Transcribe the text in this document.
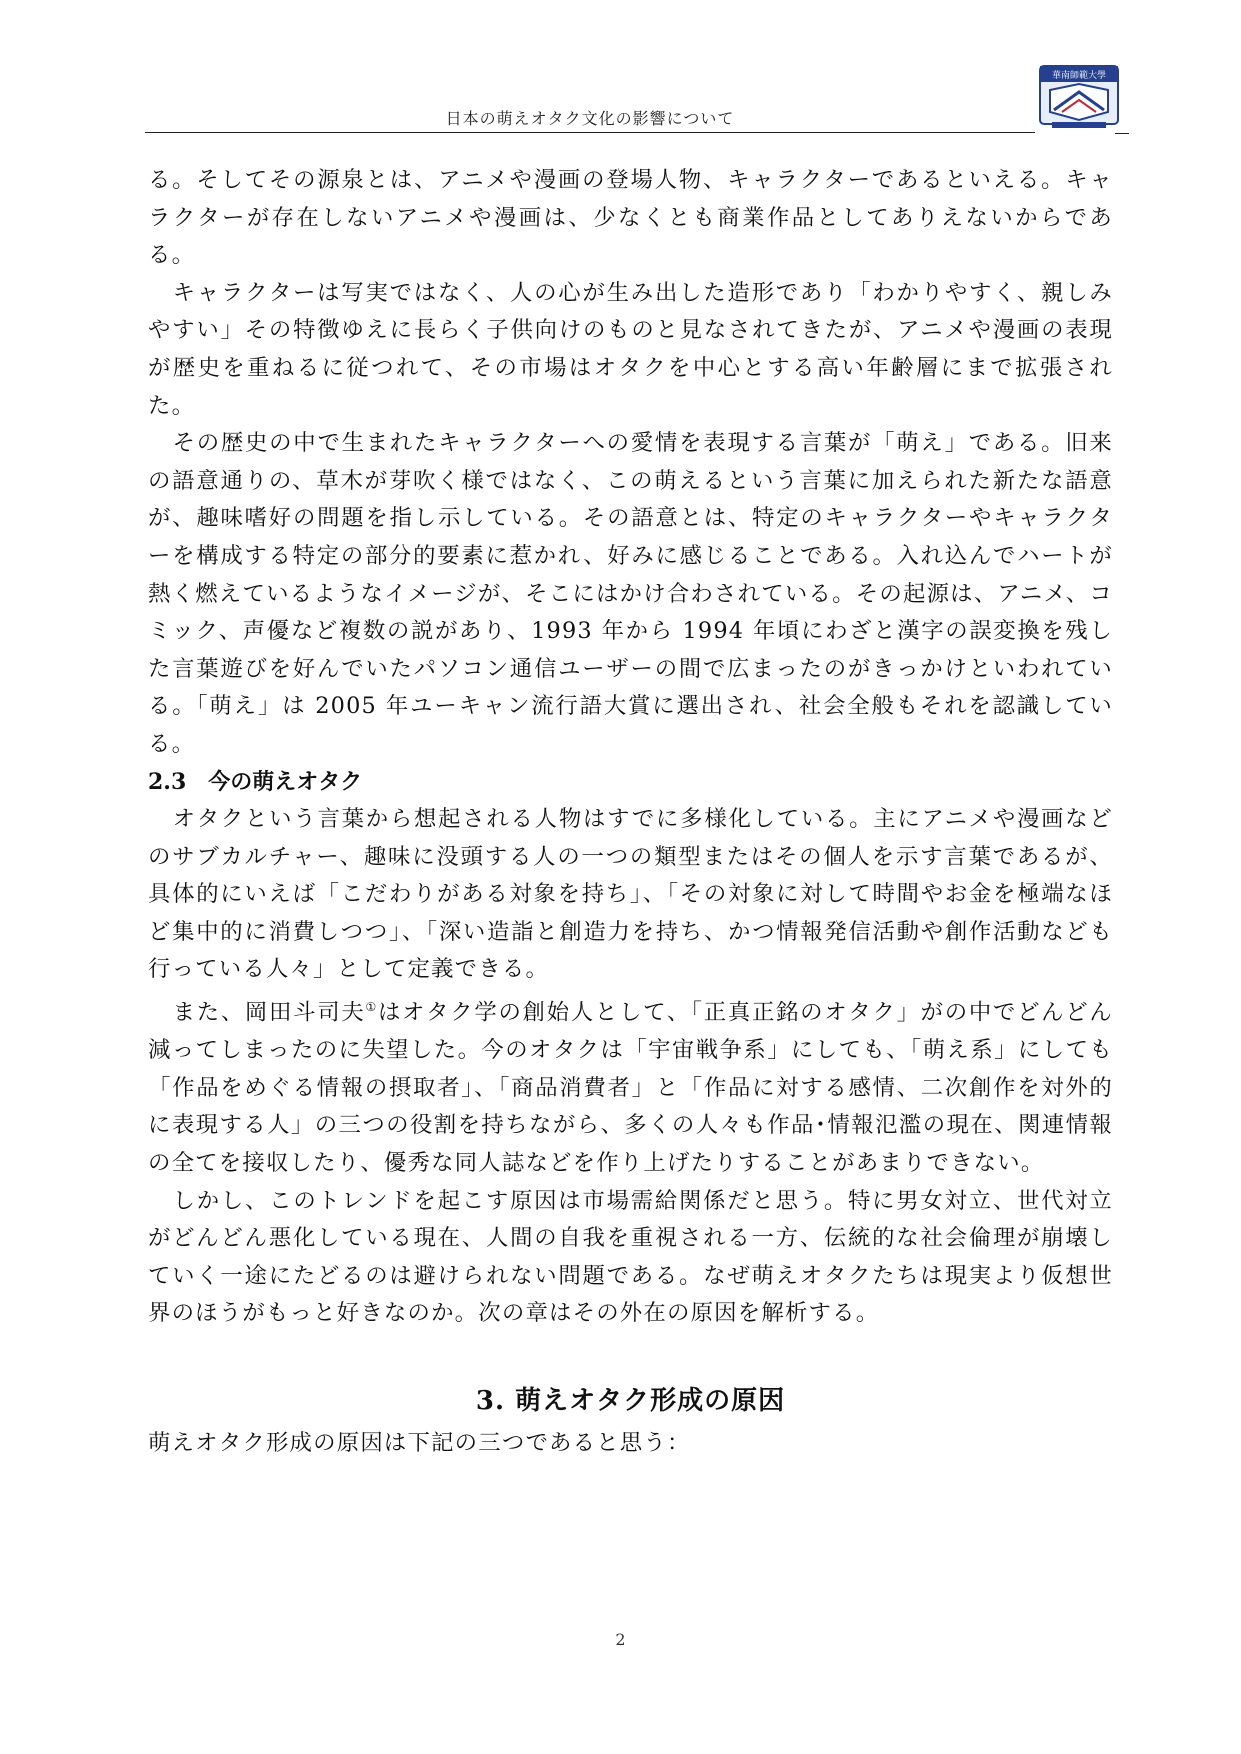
日本の萌えオタク文化の影響について
華南師範大學

る。そしてその源泉とは、アニメや漫画の登場人物、キャラクターであるといえる。キャラクターが存在しないアニメや漫画は、少なくとも商業作品としてありえないからである。

キャラクターは写実ではなく、人の心が生み出した造形であり「わかりやすく、親しみやすい」その特徴ゆえに長らく子供向けのものと見なされてきたが、アニメや漫画の表現が歴史を重ねるに従つれて、その市場はオタクを中心とする高い年齢層にまで拡張された。

その歴史の中で生まれたキャラクターへの愛情を表現する言葉が「萌え」である。旧来の語意通りの、草木が芽吹く様ではなく、この萌えるという言葉に加えられた新たな語意が、趣味嗜好の問題を指し示している。その語意とは、特定のキャラクターやキャラクターを構成する特定の部分的要素に惹かれ、好みに感じることである。入れ込んでハートが熱く燃えているようなイメージが、そこにはかけ合わされている。その起源は、アニメ、コミック、声優など複数の説があり、1993 年から 1994 年頃にわざと漢字の誤変換を残した言葉遊びを好んでいたパソコン通信ユーザーの間で広まったのがきっかけといわれている。「萌え」は 2005 年ユーキャン流行語大賞に選出され、社会全般もそれを認識している。

2.3　今の萌えオタク

オタクという言葉から想起される人物はすでに多様化している。主にアニメや漫画などのサブカルチャー、趣味に没頭する人の一つの類型またはその個人を示す言葉であるが、具体的にいえば「こだわりがある対象を持ち」、「その対象に対して時間やお金を極端なほど集中的に消費しつつ」、「深い造詣と創造力を持ち、かつ情報発信活動や創作活動なども行っている人々」として定義できる。

また、岡田斗司夫①はオタク学の創始人として、「正真正銘のオタク」がの中でどんどん減ってしまったのに失望した。今のオタクは「宇宙戦争系」にしても、「萌え系」にしても「作品をめぐる情報の摂取者」、「商品消費者」と「作品に対する感情、二次創作を対外的に表現する人」の三つの役割を持ちながら、多くの人々も作品･情報氾濫の現在、関連情報の全てを接収したり、優秀な同人誌などを作り上げたりすることがあまりできない。

しかし、このトレンドを起こす原因は市場需給関係だと思う。特に男女対立、世代対立がどんどん悪化している現在、人間の自我を重視される一方、伝統的な社会倫理が崩壊していく一途にたどるのは避けられない問題である。なぜ萌えオタクたちは現実より仮想世界のほうがもっと好きなのか。次の章はその外在の原因を解析する。

3. 萌えオタク形成の原因

萌えオタク形成の原因は下記の三つであると思う：

2
